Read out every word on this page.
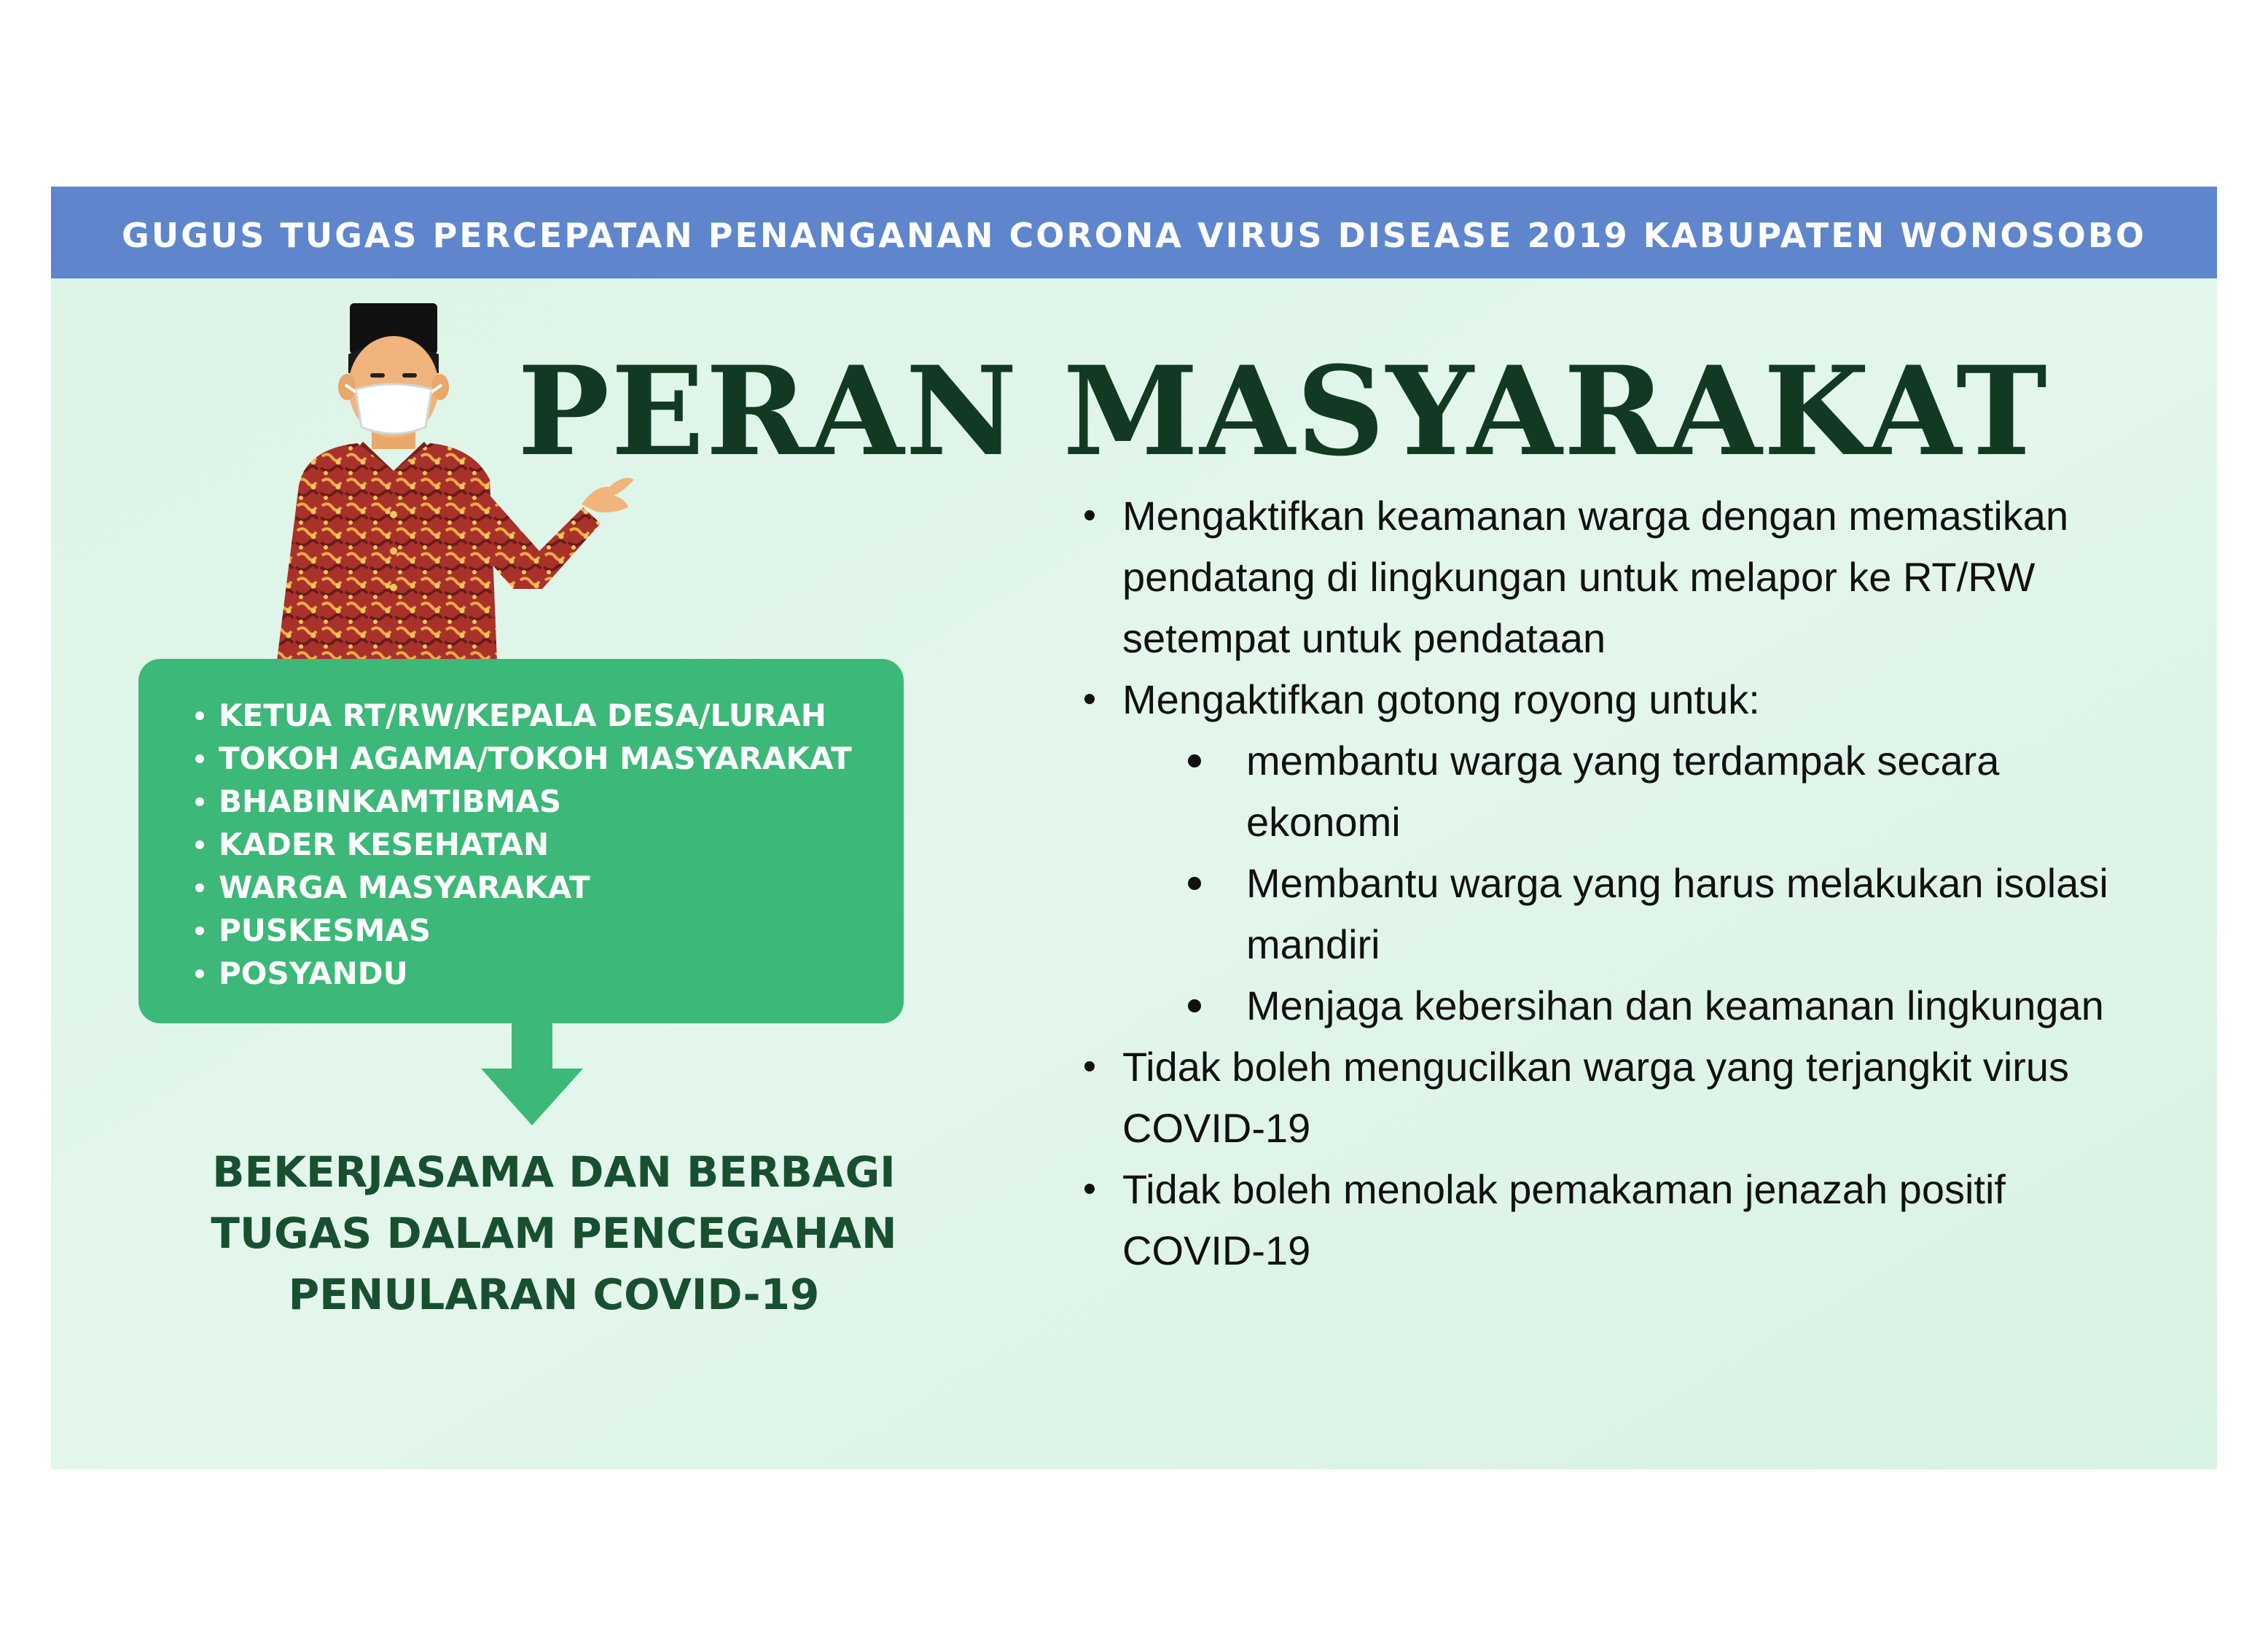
GUGUS TUGAS PERCEPATAN PENANGANAN CORONA VIRUS DISEASE 2019 KABUPATEN WONOSOBO
PERAN MASYARAKAT
KETUA RT/RW/KEPALA DESA/LURAH
TOKOH AGAMA/TOKOH MASYARAKAT
BHABINKAMTIBMAS
KADER KESEHATAN
WARGA MASYARAKAT
PUSKESMAS
POSYANDU
BEKERJASAMA DAN BERBAGI
TUGAS DALAM PENCEGAHAN
PENULARAN COVID-19
Mengaktifkan keamanan warga dengan memastikan
pendatang di lingkungan untuk melapor ke RT/RW
setempat untuk pendataan
Mengaktifkan gotong royong untuk:
membantu warga yang terdampak secara
ekonomi
Membantu warga yang harus melakukan isolasi
mandiri
Menjaga kebersihan dan keamanan lingkungan
Tidak boleh mengucilkan warga yang terjangkit virus
COVID-19
Tidak boleh menolak pemakaman jenazah positif
COVID-19
